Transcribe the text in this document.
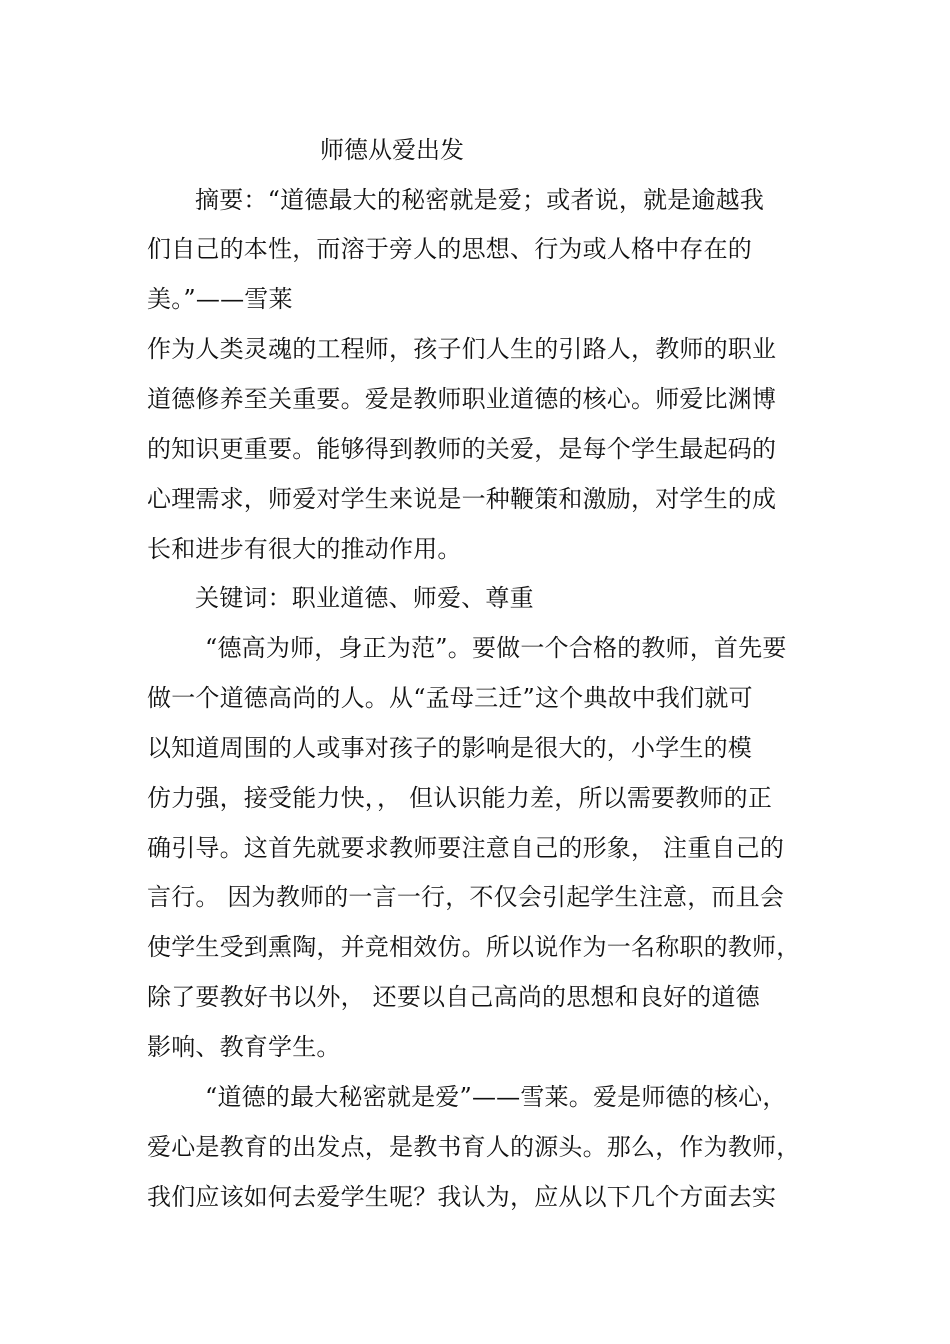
师德从爱出发
摘要：“道德最大的秘密就是爱；或者说，就是逾越我
们自己的本性，而溶于旁人的思想、行为或人格中存在的
美。”——雪莱
作为人类灵魂的工程师，孩子们人生的引路人，教师的职业
道德修养至关重要。爱是教师职业道德的核心。师爱比渊博
的知识更重要。能够得到教师的关爱，是每个学生最起码的
心理需求，师爱对学生来说是一种鞭策和激励，对学生的成
长和进步有很大的推动作用。
关键词：职业道德、师爱、尊重
“德高为师，身正为范”。要做一个合格的教师，首先要
做一个道德高尚的人。从“孟母三迁”这个典故中我们就可
以知道周围的人或事对孩子的影响是很大的，小学生的模
仿力强，接受能力快，， 但认识能力差，所以需要教师的正
确引导。这首先就要求教师要注意自己的形象， 注重自己的
言行。 因为教师的一言一行，不仅会引起学生注意，而且会
使学生受到熏陶，并竞相效仿。所以说作为一名称职的教师，
除了要教好书以外， 还要以自己高尚的思想和良好的道德
影响、教育学生。
“道德的最大秘密就是爱”——雪莱。爱是师德的核心，
爱心是教育的出发点，是教书育人的源头。那么，作为教师，
我们应该如何去爱学生呢？我认为，应从以下几个方面去实
